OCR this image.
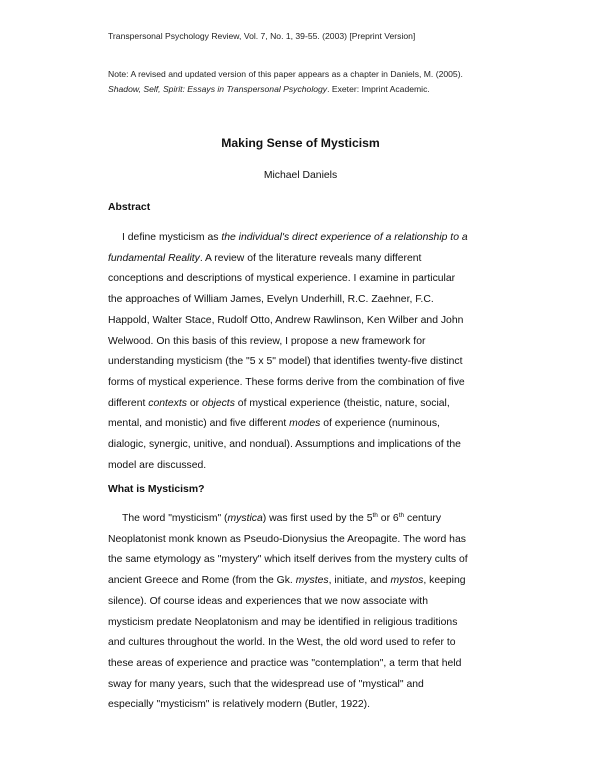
Transpersonal Psychology Review, Vol. 7, No. 1, 39-55. (2003) [Preprint Version]
Note: A revised and updated version of this paper appears as a chapter in Daniels, M. (2005).
Shadow, Self, Spirit: Essays in Transpersonal Psychology. Exeter: Imprint Academic.
Making Sense of Mysticism
Michael Daniels
Abstract
I define mysticism as the individual's direct experience of a relationship to a
fundamental Reality. A review of the literature reveals many different
conceptions and descriptions of mystical experience. I examine in particular
the approaches of William James, Evelyn Underhill, R.C. Zaehner, F.C.
Happold, Walter Stace, Rudolf Otto, Andrew Rawlinson, Ken Wilber and John
Welwood. On this basis of this review, I propose a new framework for
understanding mysticism (the "5 x 5" model) that identifies twenty-five distinct
forms of mystical experience. These forms derive from the combination of five
different contexts or objects of mystical experience (theistic, nature, social,
mental, and monistic) and five different modes of experience (numinous,
dialogic, synergic, unitive, and nondual). Assumptions and implications of the
model are discussed.
What is Mysticism?
The word "mysticism" (mystica) was first used by the 5th or 6th century
Neoplatonist monk known as Pseudo-Dionysius the Areopagite. The word has
the same etymology as "mystery" which itself derives from the mystery cults of
ancient Greece and Rome (from the Gk. mystes, initiate, and mystos, keeping
silence). Of course ideas and experiences that we now associate with
mysticism predate Neoplatonism and may be identified in religious traditions
and cultures throughout the world. In the West, the old word used to refer to
these areas of experience and practice was "contemplation", a term that held
sway for many years, such that the widespread use of "mystical" and
especially "mysticism" is relatively modern (Butler, 1922).
